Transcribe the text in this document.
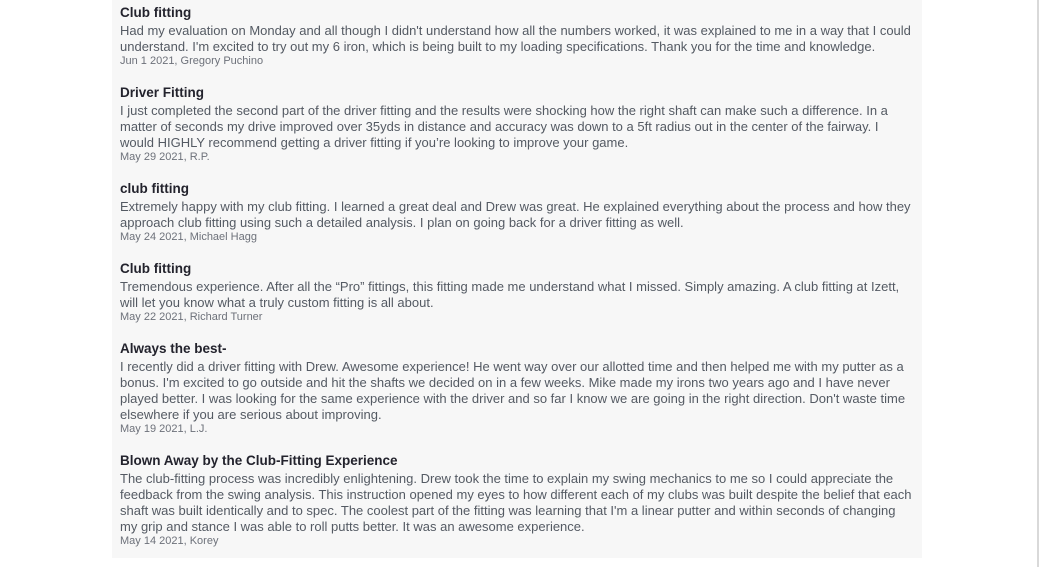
Club fitting

Had my evaluation on Monday and all though I didn't understand how all the numbers worked, it was explained to me in a way that I could understand. I'm excited to try out my 6 iron, which is being built to my loading specifications. Thank you for the time and knowledge.

Jun 1 2021, Gregory Puchino
Driver Fitting

I just completed the second part of the driver fitting and the results were shocking how the right shaft can make such a difference. In a matter of seconds my drive improved over 35yds in distance and accuracy was down to a 5ft radius out in the center of the fairway. I would HIGHLY recommend getting a driver fitting if you’re looking to improve your game.

May 29 2021, R.P.
club fitting

Extremely happy with my club fitting. I learned a great deal and Drew was great. He explained everything about the process and how they approach club fitting using such a detailed analysis. I plan on going back for a driver fitting as well.

May 24 2021, Michael Hagg
Club fitting

Tremendous experience. After all the “Pro” fittings, this fitting made me understand what I missed. Simply amazing. A club fitting at Izett, will let you know what a truly custom fitting is all about.

May 22 2021, Richard Turner
Always the best-

I recently did a driver fitting with Drew. Awesome experience! He went way over our allotted time and then helped me with my putter as a bonus. I'm excited to go outside and hit the shafts we decided on in a few weeks. Mike made my irons two years ago and I have never played better. I was looking for the same experience with the driver and so far I know we are going in the right direction. Don't waste time elsewhere if you are serious about improving.

May 19 2021, L.J.
Blown Away by the Club-Fitting Experience

The club-fitting process was incredibly enlightening. Drew took the time to explain my swing mechanics to me so I could appreciate the feedback from the swing analysis. This instruction opened my eyes to how different each of my clubs was built despite the belief that each shaft was built identically and to spec. The coolest part of the fitting was learning that I'm a linear putter and within seconds of changing my grip and stance I was able to roll putts better. It was an awesome experience.

May 14 2021, Korey
